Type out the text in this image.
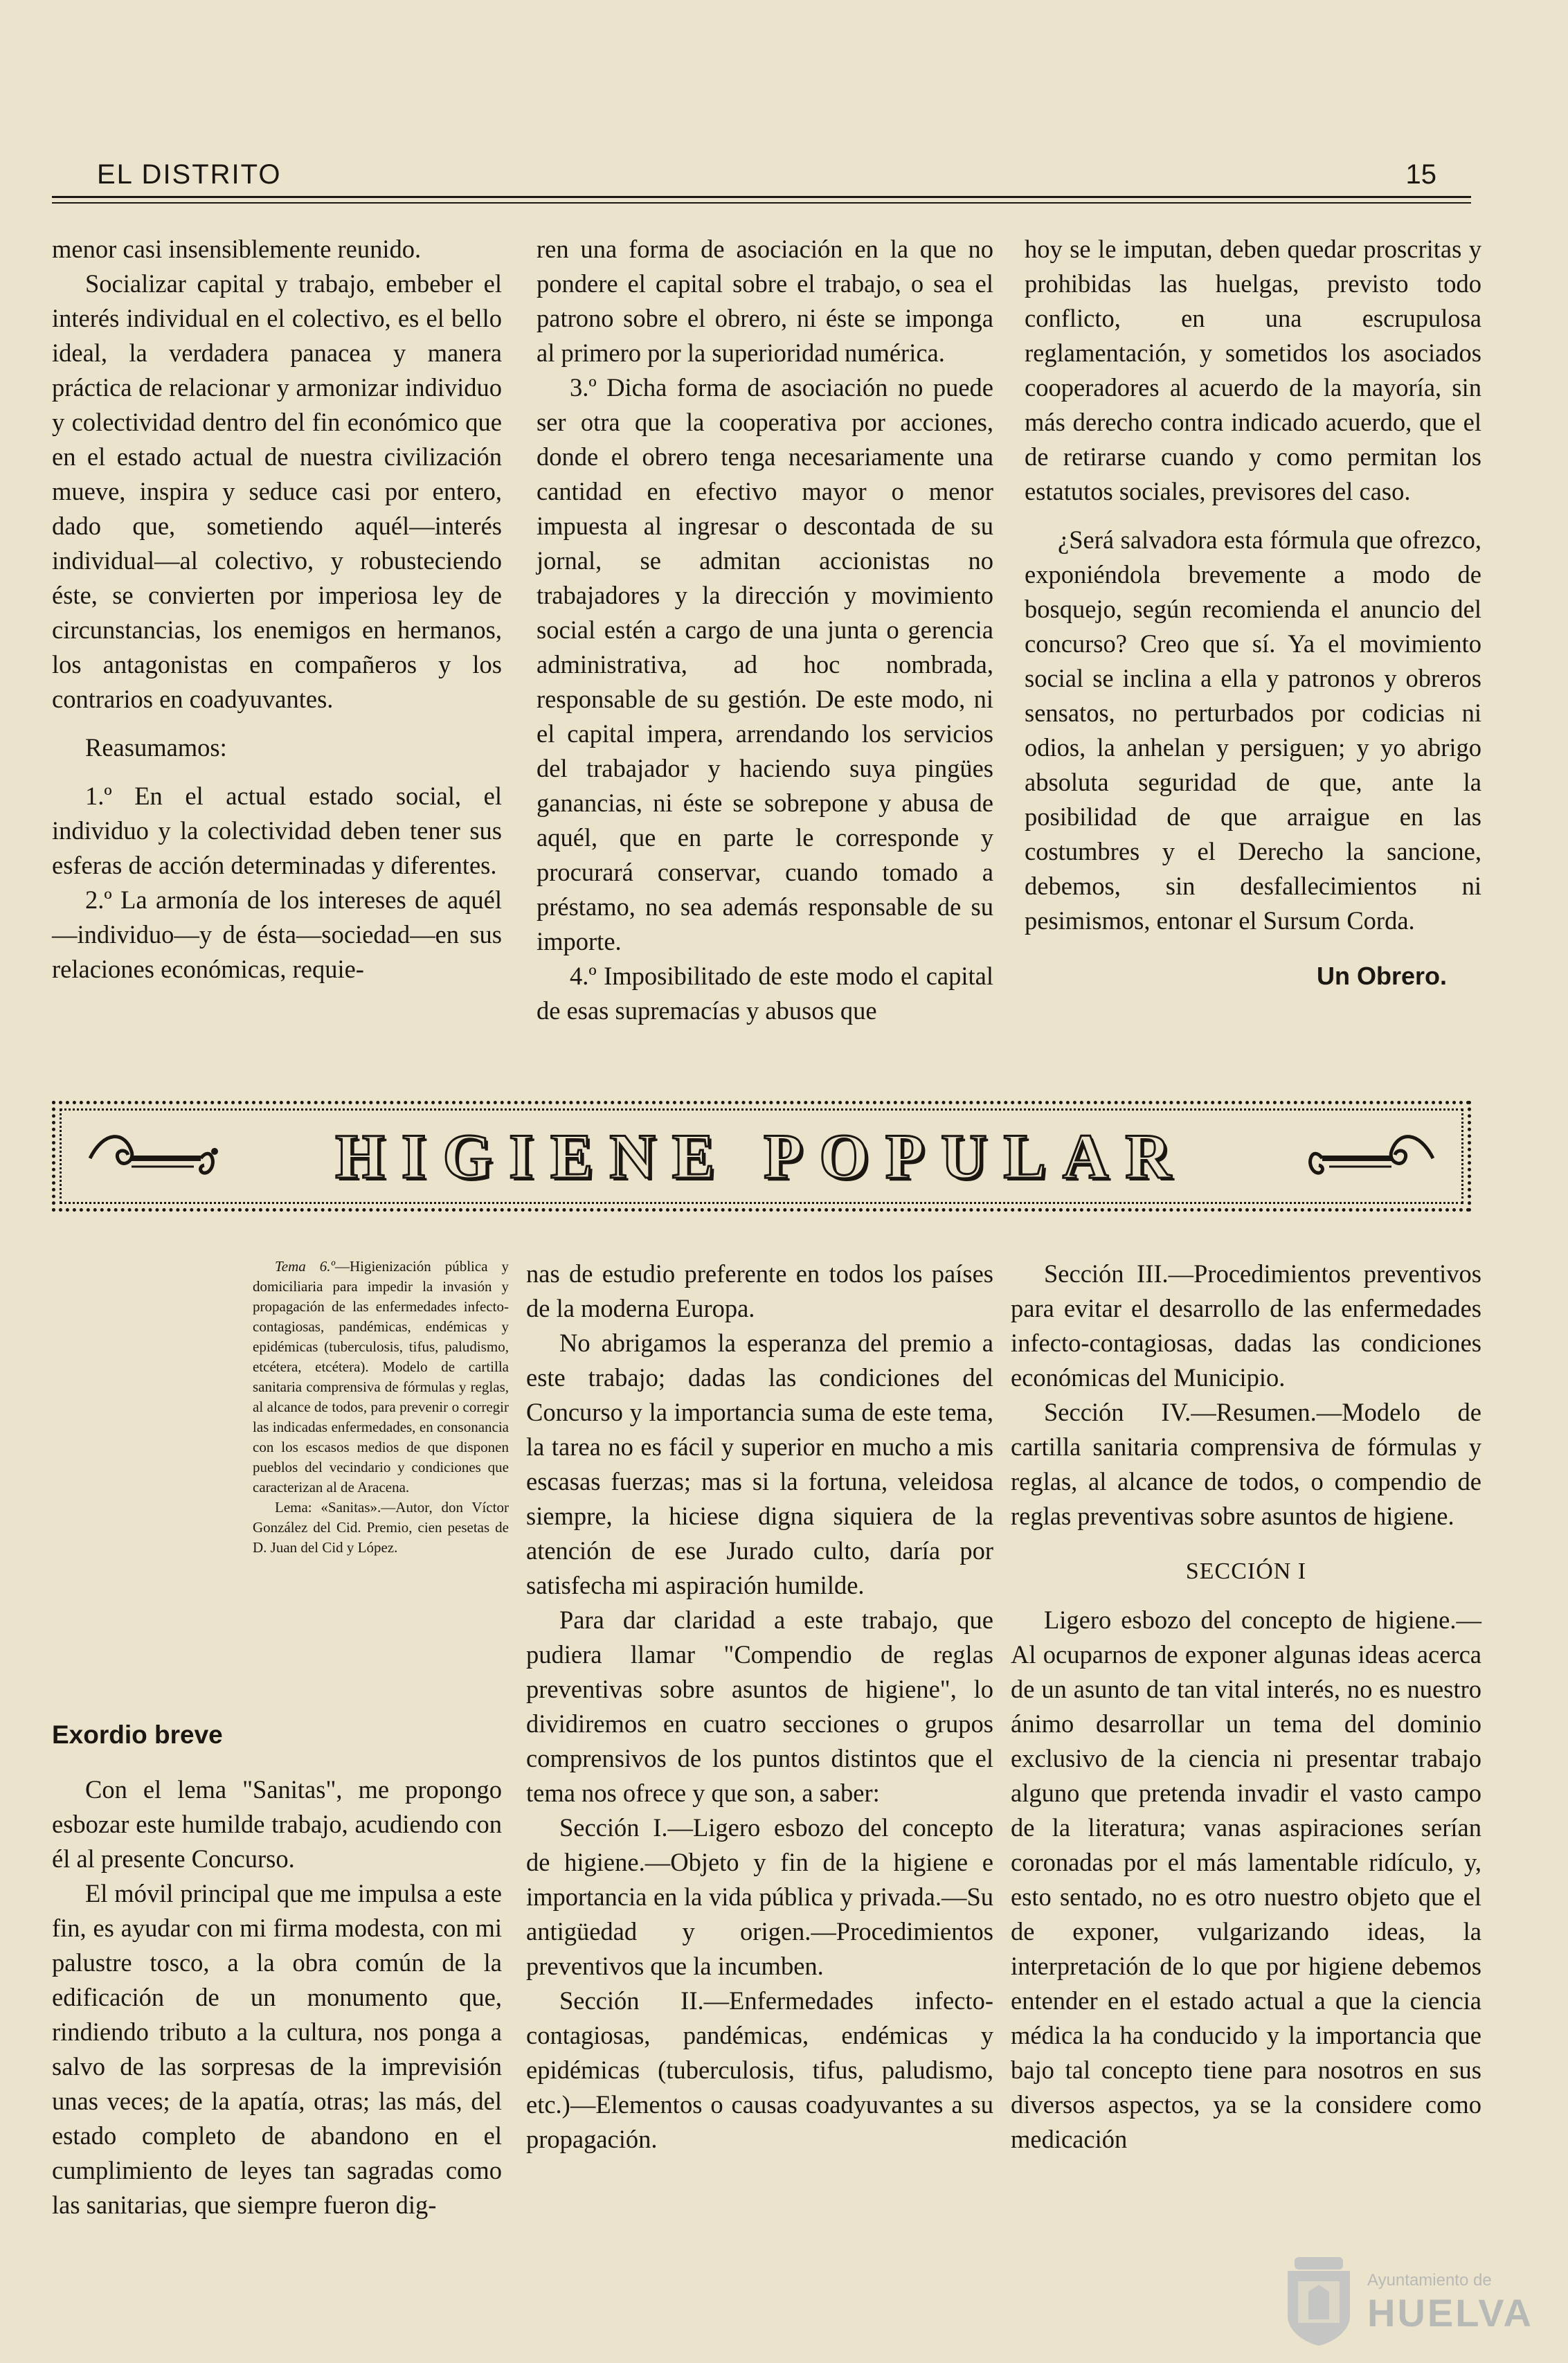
EL DISTRITO	15

menor casi insensiblemente reunido.

Socializar capital y trabajo, embeber el interés individual en el colectivo, es el bello ideal, la verdadera panacea y manera práctica de relacionar y armonizar individuo y colectividad dentro del fin económico que en el estado actual de nuestra civilización mueve, inspira y seduce casi por entero, dado que, sometiendo aquél—interés individual—al colectivo, y robusteciendo éste, se convierten por imperiosa ley de circunstancias, los enemigos en hermanos, los antagonistas en compañeros y los contrarios en coadyuvantes.

Reasumamos:

1.º En el actual estado social, el individuo y la colectividad deben tener sus esferas de acción determinadas y diferentes.

2.º La armonía de los intereses de aquél—individuo—y de ésta—sociedad—en sus relaciones económicas, requie-

ren una forma de asociación en la que no pondere el capital sobre el trabajo, o sea el patrono sobre el obrero, ni éste se imponga al primero por la superioridad numérica.

3.º Dicha forma de asociación no puede ser otra que la cooperativa por acciones, donde el obrero tenga necesariamente una cantidad en efectivo mayor o menor impuesta al ingresar o descontada de su jornal, se admitan accionistas no trabajadores y la dirección y movimiento social estén a cargo de una junta o gerencia administrativa, ad hoc nombrada, responsable de su gestión. De este modo, ni el capital impera, arrendando los servicios del trabajador y haciendo suya pingües ganancias, ni éste se sobrepone y abusa de aquél, que en parte le corresponde y procurará conservar, cuando tomado a préstamo, no sea además responsable de su importe.

4.º Imposibilitado de este modo el capital de esas supremacías y abusos que

hoy se le imputan, deben quedar proscritas y prohibidas las huelgas, previsto todo conflicto, en una escrupulosa reglamentación, y sometidos los asociados cooperadores al acuerdo de la mayoría, sin más derecho contra indicado acuerdo, que el de retirarse cuando y como permitan los estatutos sociales, previsores del caso.

¿Será salvadora esta fórmula que ofrezco, exponiéndola brevemente a modo de bosquejo, según recomienda el anuncio del concurso? Creo que sí. Ya el movimiento social se inclina a ella y patronos y obreros sensatos, no perturbados por codicias ni odios, la anhelan y persiguen; y yo abrigo absoluta seguridad de que, ante la posibilidad de que arraigue en las costumbres y el Derecho la sancione, debemos, sin desfallecimientos ni pesimismos, entonar el Sursum Corda.

Un Obrero.

HIGIENE POPULAR

Tema 6.º—Higienización pública y domiciliaria para impedir la invasión y propagación de las enfermedades infecto-contagiosas, pandémicas, endémicas y epidémicas (tuberculosis, tifus, paludismo, etcétera, etcétera). Modelo de cartilla sanitaria comprensiva de fórmulas y reglas, al alcance de todos, para prevenir o corregir las indicadas enfermedades, en consonancia con los escasos medios de que disponen pueblos del vecindario y condiciones que caracterizan al de Aracena.

Lema: «Sanitas».—Autor, don Víctor González del Cid. Premio, cien pesetas de D. Juan del Cid y López.

Exordio breve

Con el lema "Sanitas", me propongo esbozar este humilde trabajo, acudiendo con él al presente Concurso.

El móvil principal que me impulsa a este fin, es ayudar con mi firma modesta, con mi palustre tosco, a la obra común de la edificación de un monumento que, rindiendo tributo a la cultura, nos ponga a salvo de las sorpresas de la imprevisión unas veces; de la apatía, otras; las más, del estado completo de abandono en el cumplimiento de leyes tan sagradas como las sanitarias, que siempre fueron dig-

nas de estudio preferente en todos los países de la moderna Europa.

No abrigamos la esperanza del premio a este trabajo; dadas las condiciones del Concurso y la importancia suma de este tema, la tarea no es fácil y superior en mucho a mis escasas fuerzas; mas si la fortuna, veleidosa siempre, la hiciese digna siquiera de la atención de ese Jurado culto, daría por satisfecha mi aspiración humilde.

Para dar claridad a este trabajo, que pudiera llamar "Compendio de reglas preventivas sobre asuntos de higiene", lo dividiremos en cuatro secciones o grupos comprensivos de los puntos distintos que el tema nos ofrece y que son, a saber:

Sección I.—Ligero esbozo del concepto de higiene.—Objeto y fin de la higiene e importancia en la vida pública y privada.—Su antigüedad y origen.—Procedimientos preventivos que la incumben.

Sección II.—Enfermedades infecto-contagiosas, pandémicas, endémicas y epidémicas (tuberculosis, tifus, paludismo, etc.)—Elementos o causas coadyuvantes a su propagación.

Sección III.—Procedimientos preventivos para evitar el desarrollo de las enfermedades infecto-contagiosas, dadas las condiciones económicas del Municipio.

Sección IV.—Resumen.—Modelo de cartilla sanitaria comprensiva de fórmulas y reglas, al alcance de todos, o compendio de reglas preventivas sobre asuntos de higiene.

SECCIÓN I

Ligero esbozo del concepto de higiene.—Al ocuparnos de exponer algunas ideas acerca de un asunto de tan vital interés, no es nuestro ánimo desarrollar un tema del dominio exclusivo de la ciencia ni presentar trabajo alguno que pretenda invadir el vasto campo de la literatura; vanas aspiraciones serían coronadas por el más lamentable ridículo, y, esto sentado, no es otro nuestro objeto que el de exponer, vulgarizando ideas, la interpretación de lo que por higiene debemos entender en el estado actual a que la ciencia médica la ha conducido y la importancia que bajo tal concepto tiene para nosotros en sus diversos aspectos, ya se la considere como medicación

Ayuntamiento de
HUELVA
